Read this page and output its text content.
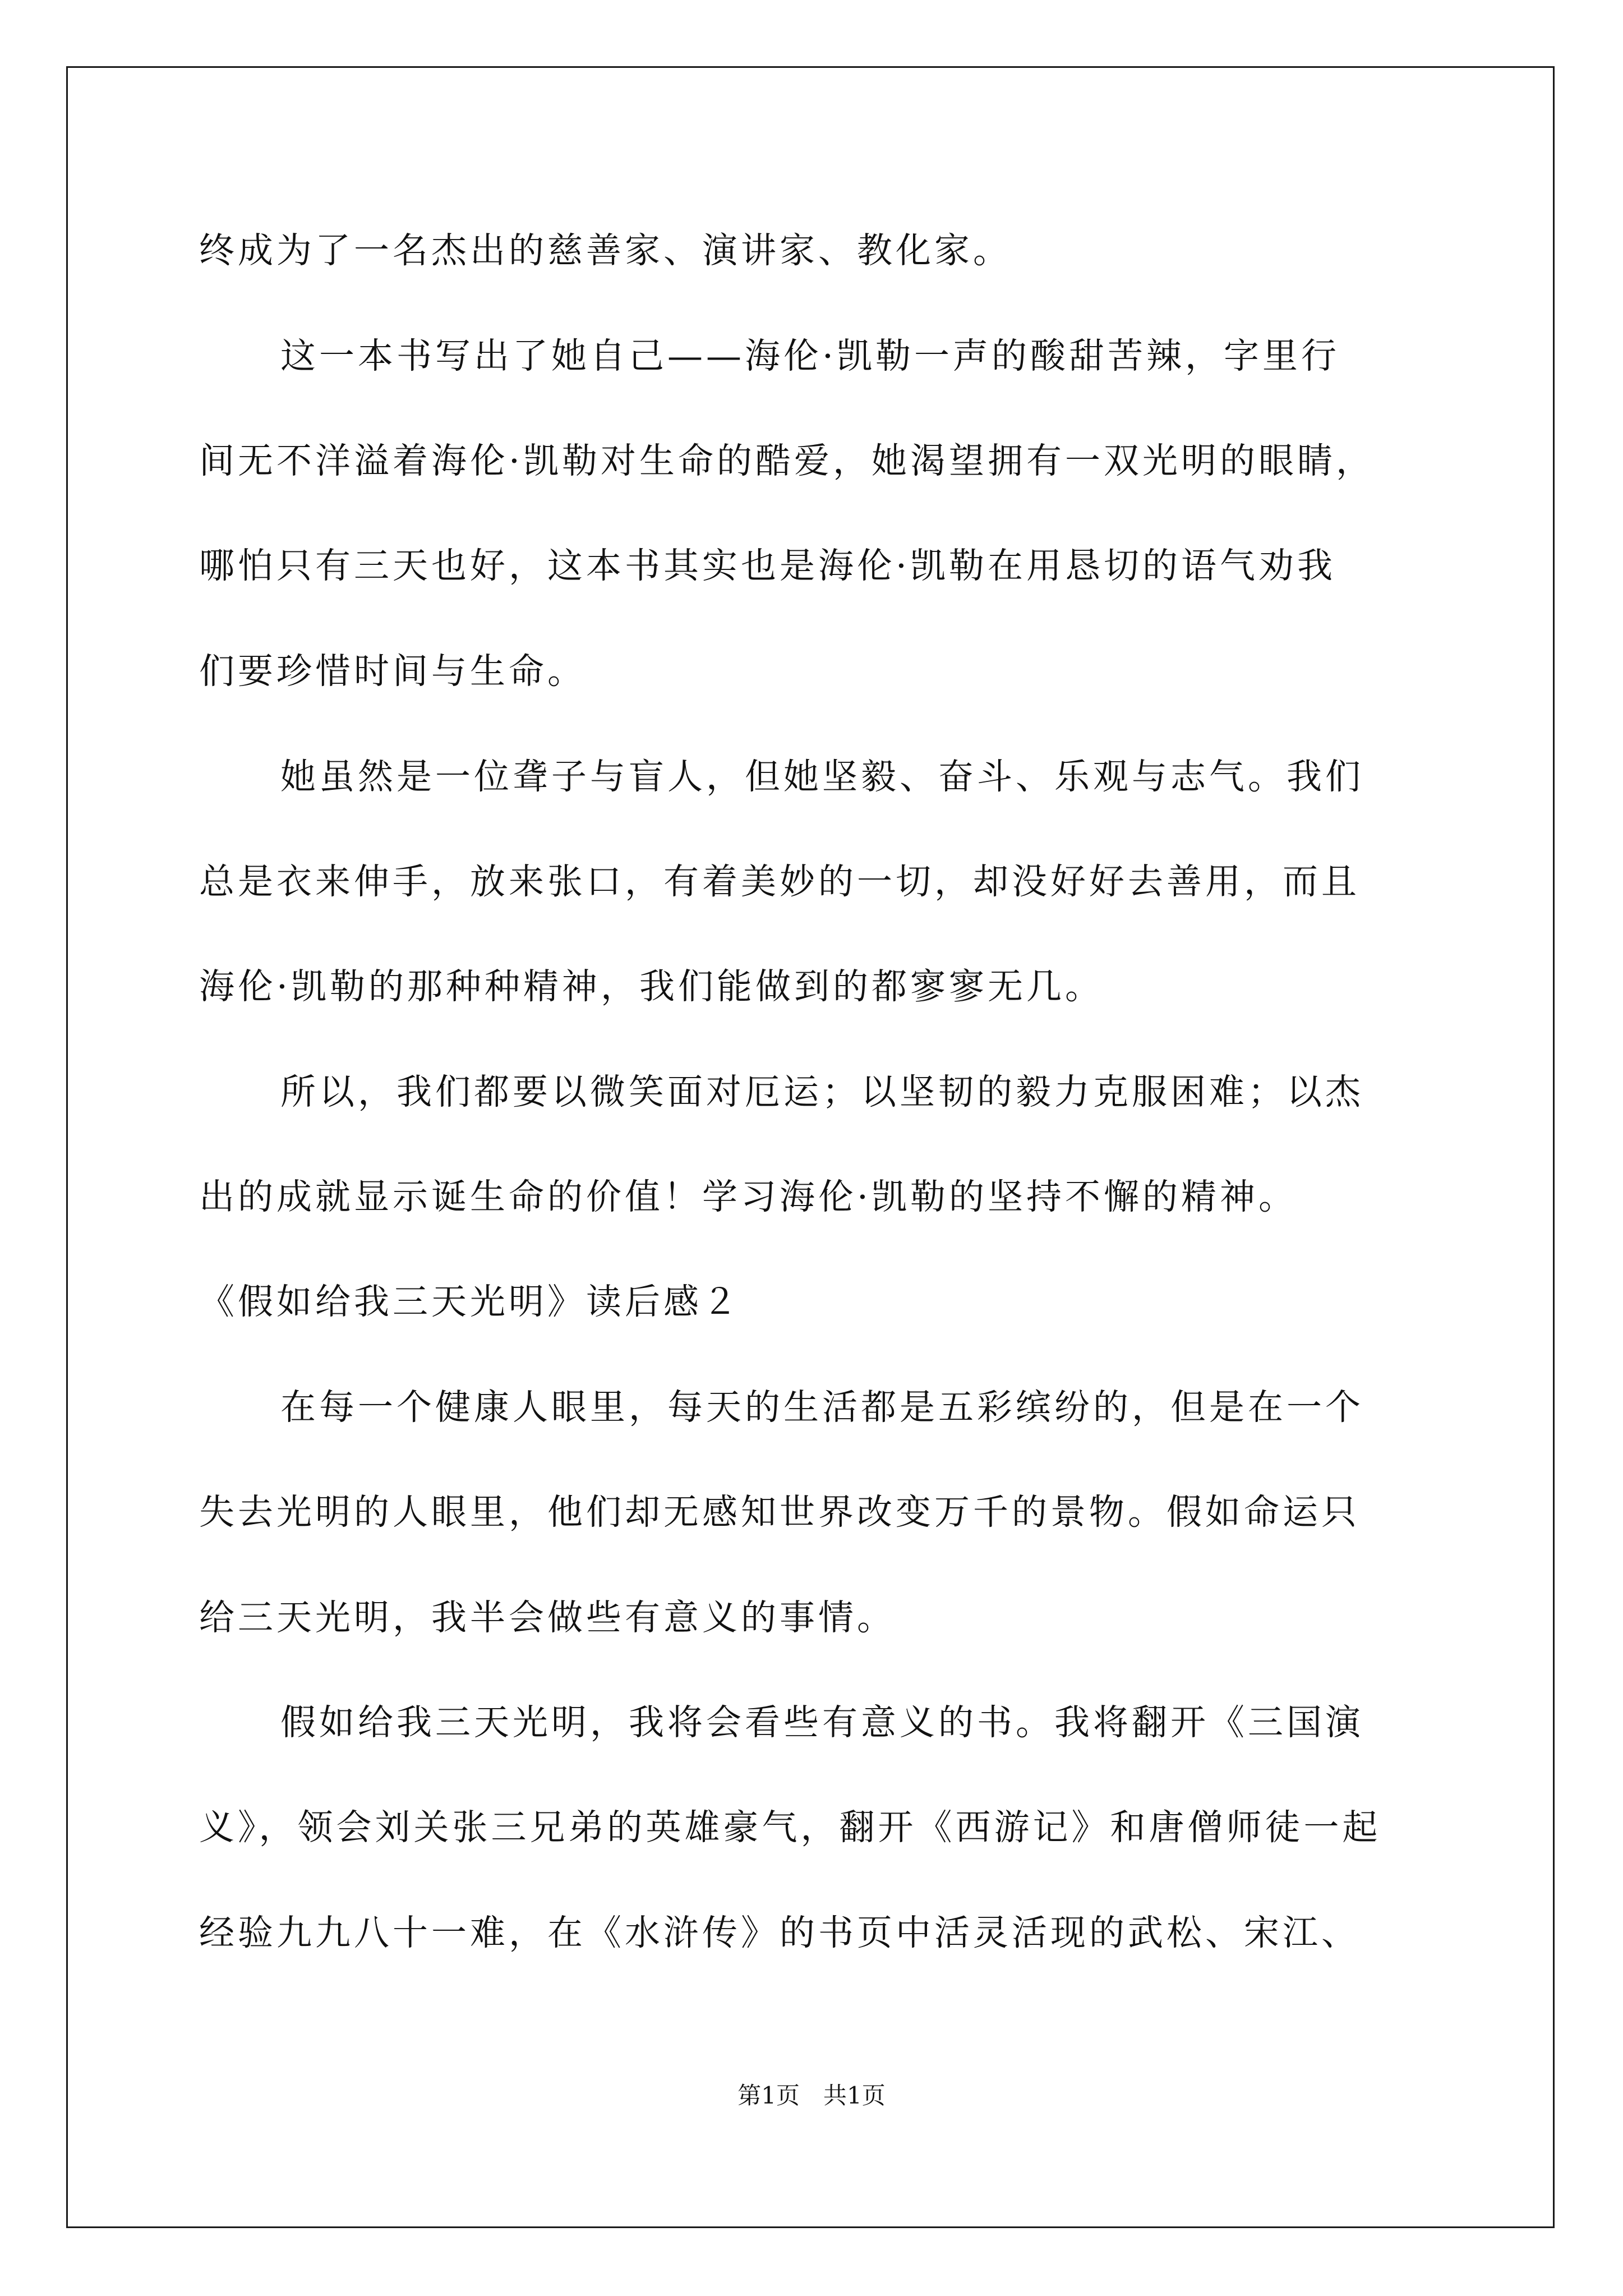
终成为了一名杰出的慈善家、演讲家、教化家。

这一本书写出了她自己——海伦·凯勒一声的酸甜苦辣，字里行

间无不洋溢着海伦·凯勒对生命的酷爱，她渴望拥有一双光明的眼睛，

哪怕只有三天也好，这本书其实也是海伦·凯勒在用恳切的语气劝我

们要珍惜时间与生命。

她虽然是一位聋子与盲人，但她坚毅、奋斗、乐观与志气。我们

总是衣来伸手，放来张口，有着美妙的一切，却没好好去善用，而且

海伦·凯勒的那种种精神，我们能做到的都寥寥无几。

所以，我们都要以微笑面对厄运；以坚韧的毅力克服困难；以杰

出的成就显示诞生命的价值！学习海伦·凯勒的坚持不懈的精神。

《假如给我三天光明》读后感２

在每一个健康人眼里，每天的生活都是五彩缤纷的，但是在一个

失去光明的人眼里，他们却无感知世界改变万千的景物。假如命运只

给三天光明，我半会做些有意义的事情。

假如给我三天光明，我将会看些有意义的书。我将翻开《三国演

义》，领会刘关张三兄弟的英雄豪气，翻开《西游记》和唐僧师徒一起

经验九九八十一难，在《水浒传》的书页中活灵活现的武松、宋江、

第1页　共1页
